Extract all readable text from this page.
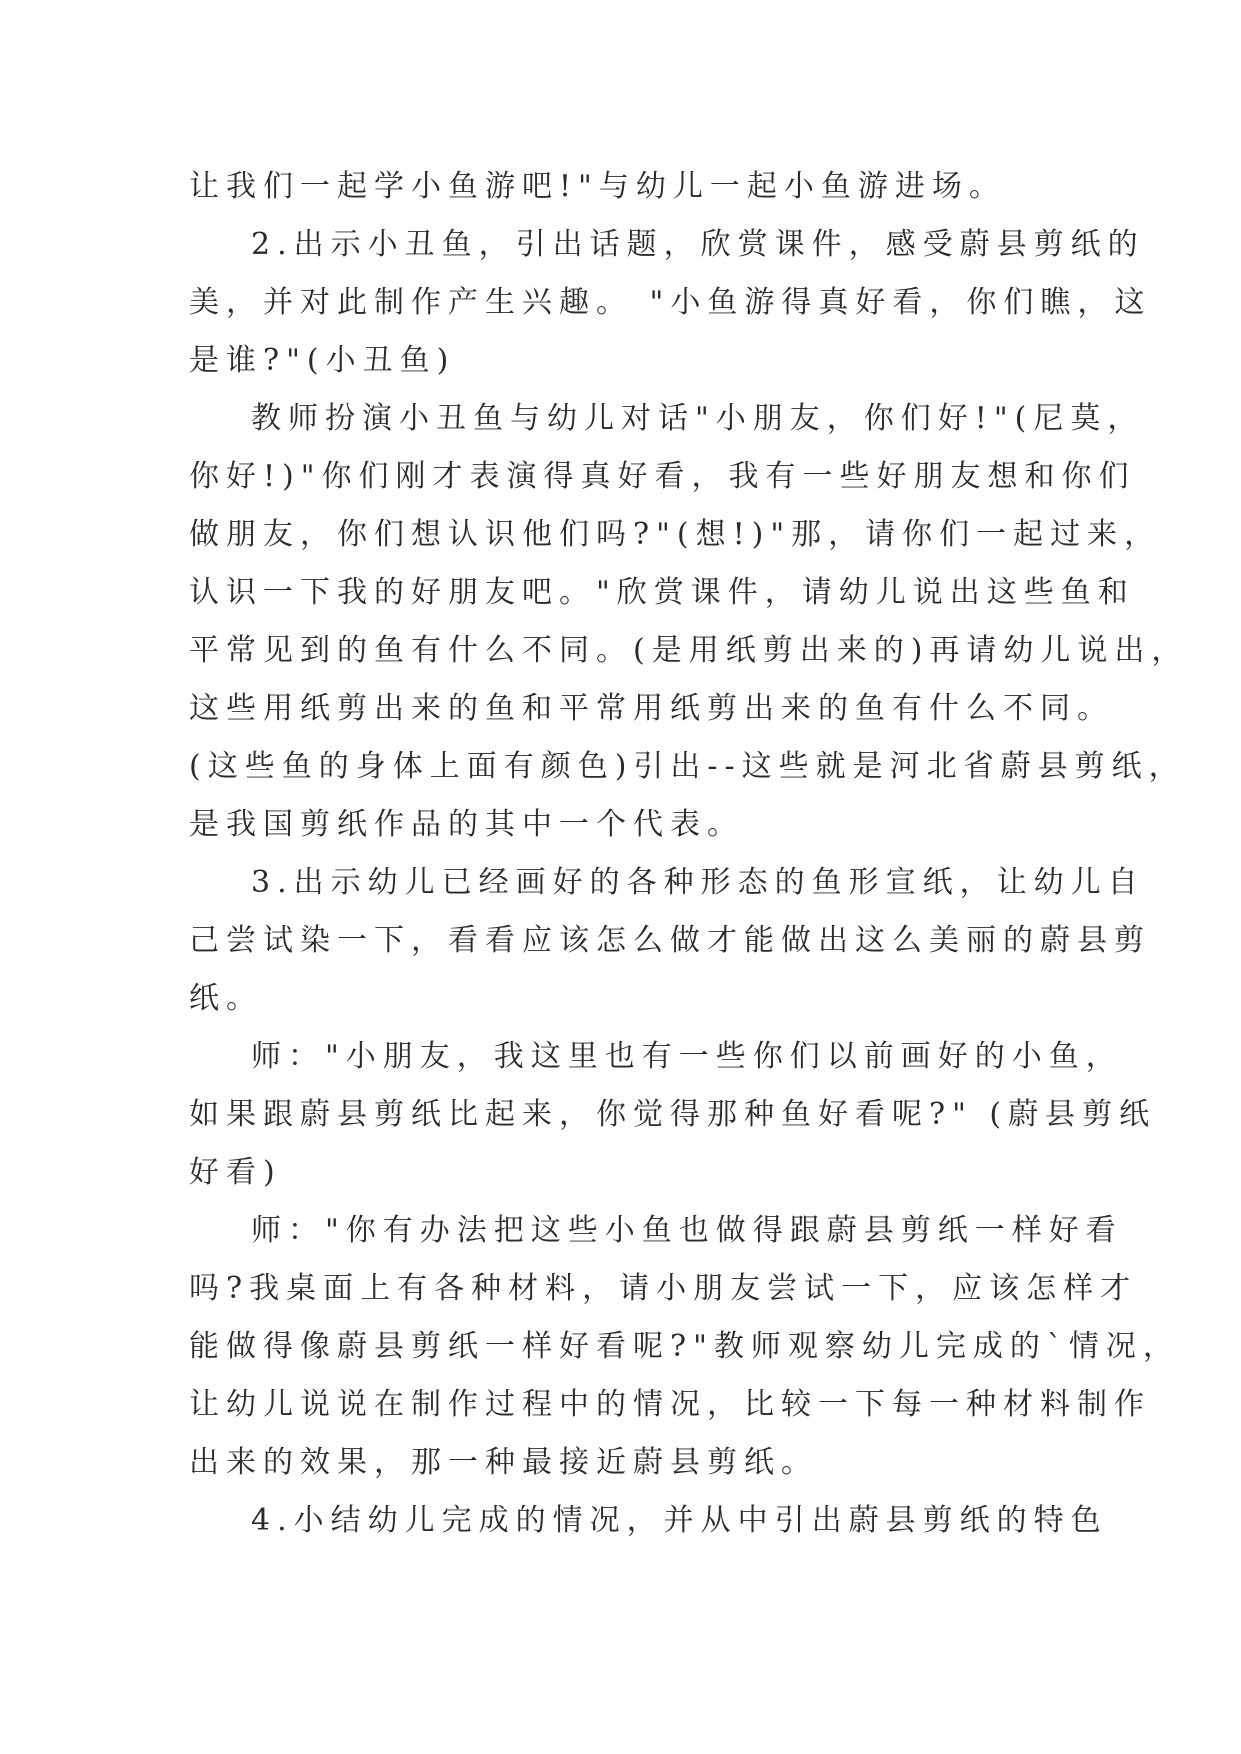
让我们一起学小鱼游吧!"与幼儿一起小鱼游进场。
2.出示小丑鱼，引出话题，欣赏课件，感受蔚县剪纸的
美，并对此制作产生兴趣。 "小鱼游得真好看，你们瞧，这
是谁?"(小丑鱼)
教师扮演小丑鱼与幼儿对话"小朋友，你们好!"(尼莫，
你好!)"你们刚才表演得真好看，我有一些好朋友想和你们
做朋友，你们想认识他们吗?"(想!)"那，请你们一起过来，
认识一下我的好朋友吧。"欣赏课件，请幼儿说出这些鱼和
平常见到的鱼有什么不同。(是用纸剪出来的)再请幼儿说出，
这些用纸剪出来的鱼和平常用纸剪出来的鱼有什么不同。
(这些鱼的身体上面有颜色)引出--这些就是河北省蔚县剪纸，
是我国剪纸作品的其中一个代表。
3.出示幼儿已经画好的各种形态的鱼形宣纸，让幼儿自
己尝试染一下，看看应该怎么做才能做出这么美丽的蔚县剪
纸。
师："小朋友，我这里也有一些你们以前画好的小鱼，
如果跟蔚县剪纸比起来，你觉得那种鱼好看呢?" (蔚县剪纸
好看)
师："你有办法把这些小鱼也做得跟蔚县剪纸一样好看
吗?我桌面上有各种材料，请小朋友尝试一下，应该怎样才
能做得像蔚县剪纸一样好看呢?"教师观察幼儿完成的`情况，
让幼儿说说在制作过程中的情况，比较一下每一种材料制作
出来的效果，那一种最接近蔚县剪纸。
4.小结幼儿完成的情况，并从中引出蔚县剪纸的特色
